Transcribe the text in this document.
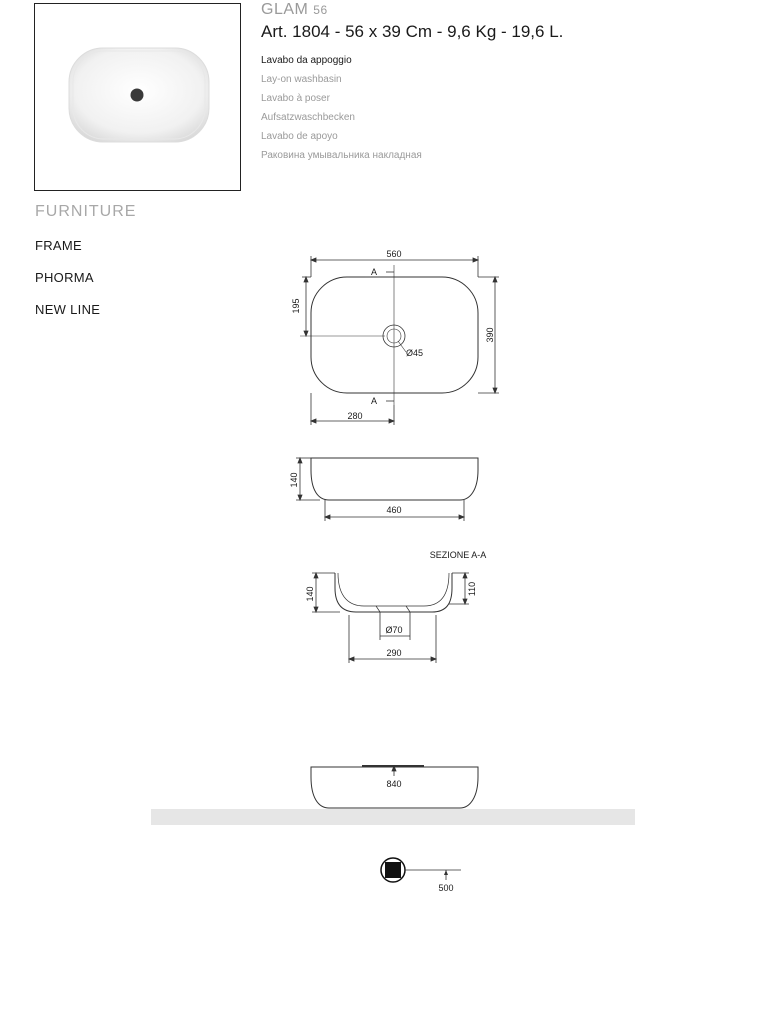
GLAM 56
Art. 1804 - 56 x 39 Cm - 9,6 Kg - 19,6 L.
Lavabo da appoggio
Lay-on washbasin
Lavabo à poser
Aufsatzwaschbecken
Lavabo de apoyo
Раковина умывальника накладная
FURNITURE
FRAME
PHORMA
NEW LINE
560
A
A
195
390
Ø45
280
140
460
SEZIONE A-A
140	110
Ø70
290
840
500
